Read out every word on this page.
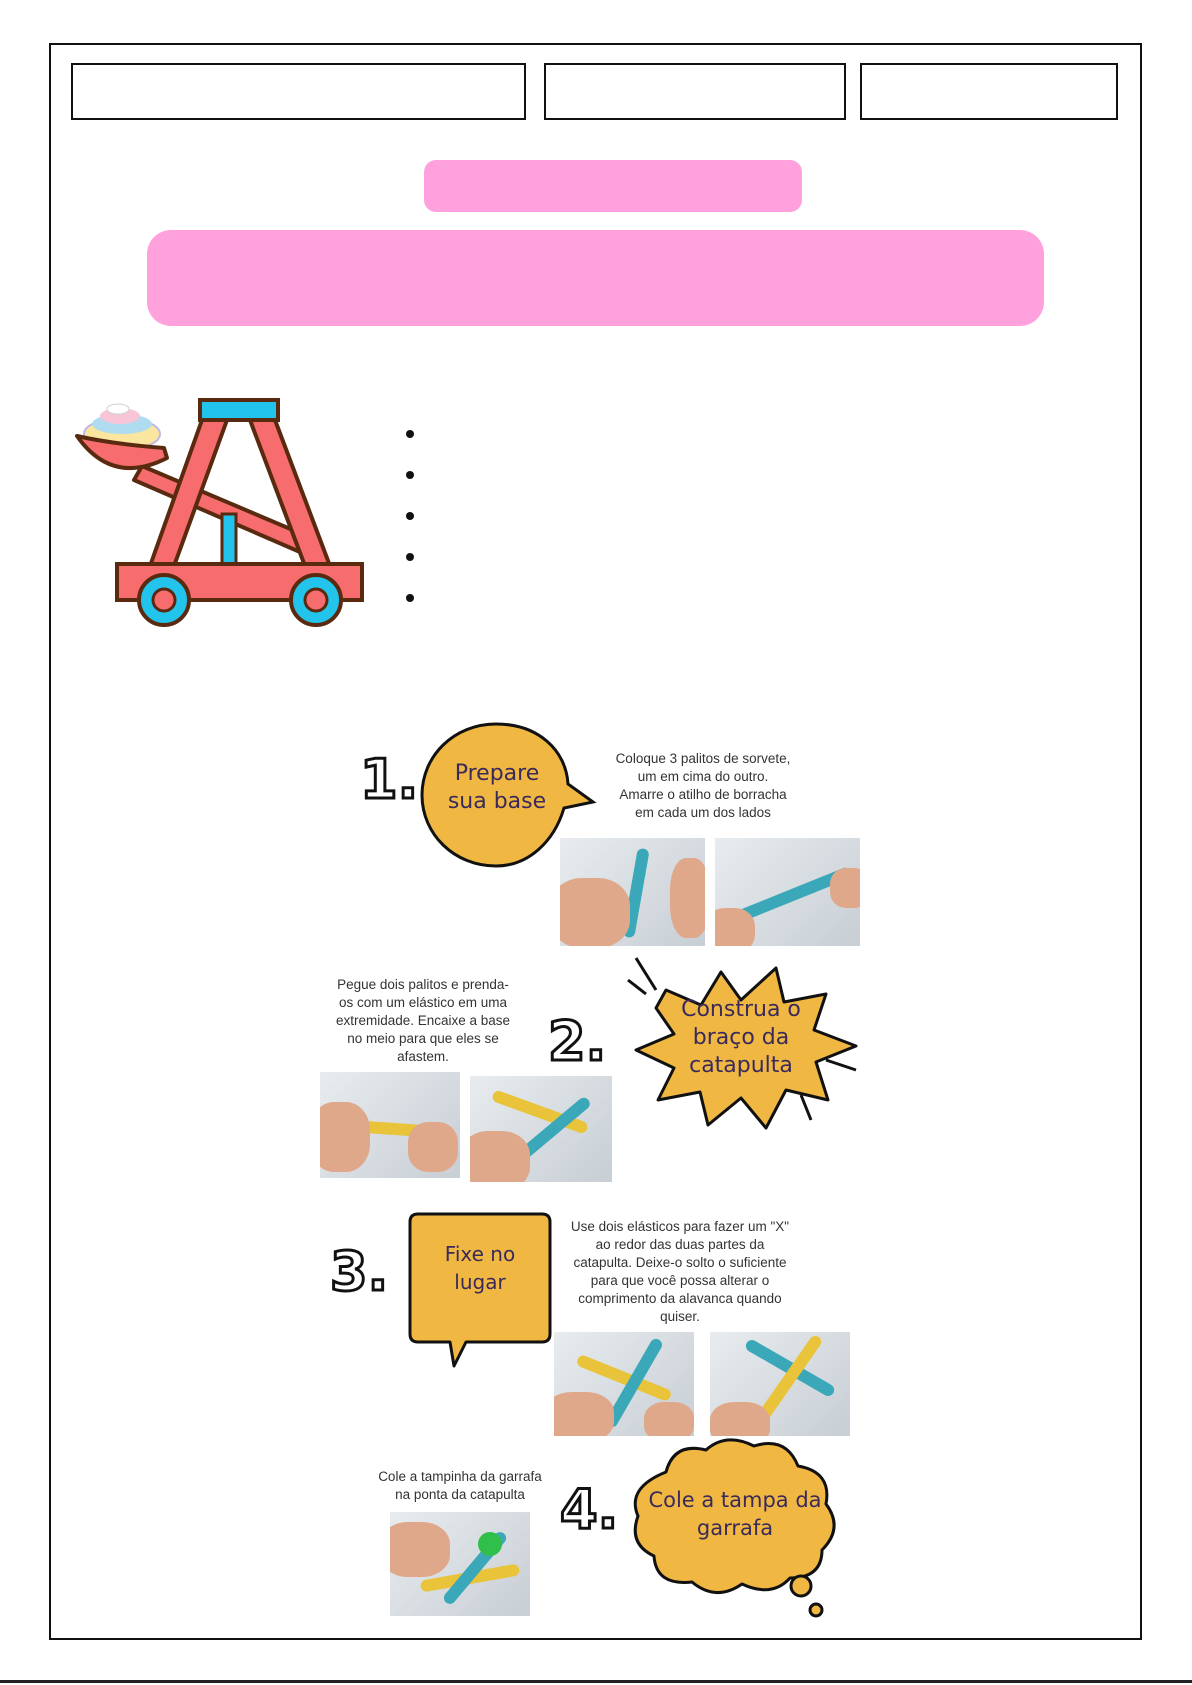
1.	Prepare
sua base
Coloque 3 palitos de sorvete,
um em cima do outro.
Amarre o atilho de borracha
em cada um dos lados
Pegue dois palitos e prenda-
os com um elástico em uma
extremidade. Encaixe a base
no meio para que eles se
afastem.	2.
Construa o
braço da
catapulta
3.	Fixe no
lugar
Use dois elásticos para fazer um "X"
ao redor das duas partes da
catapulta. Deixe-o solto o suficiente
para que você possa alterar o
comprimento da alavanca quando
quiser.
Cole a tampinha da garrafa
na ponta da catapulta 4.	Cole a tampa da
garrafa
